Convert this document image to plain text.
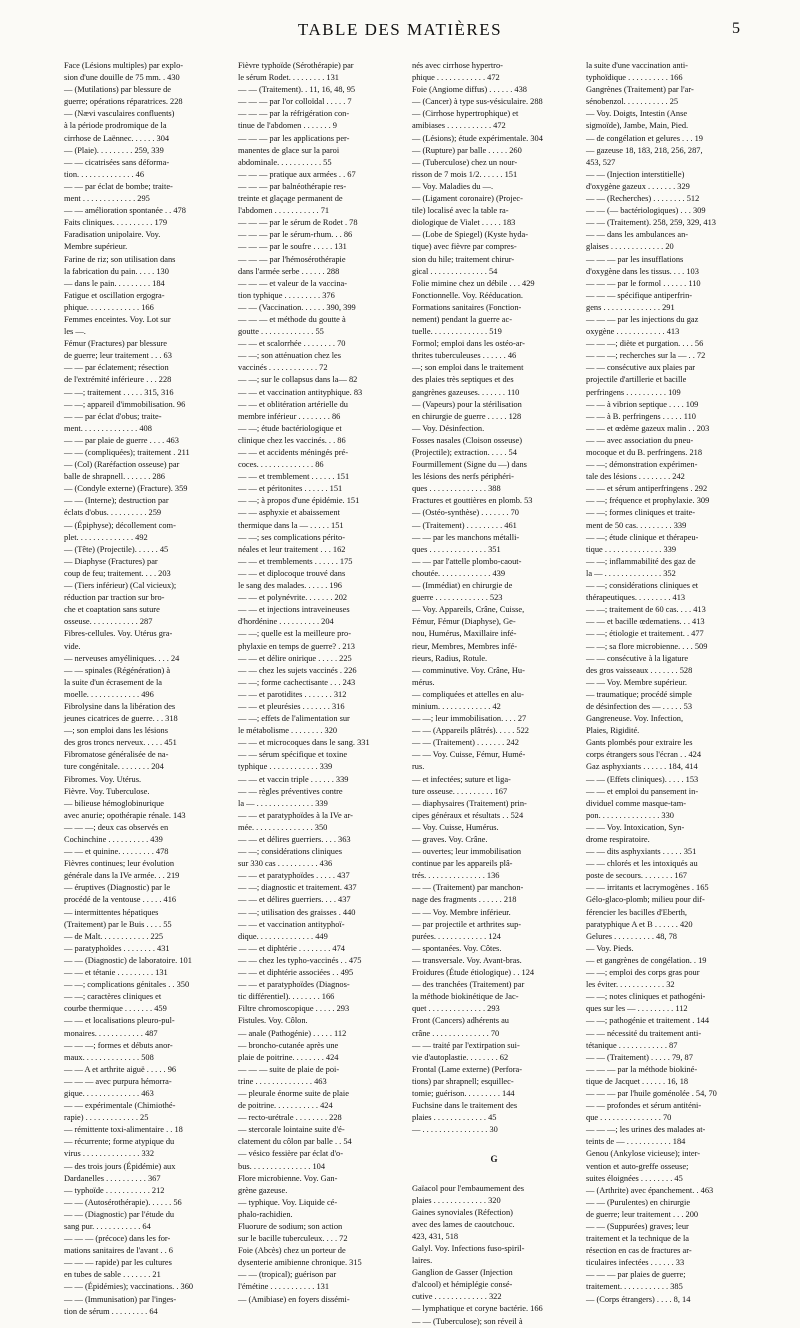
TABLE DES MATIÈRES	5
Face (Lésions multiples) par explo-
sion d'une douille de 75 mm. . 430
— (Mutilations) par blessure de
guerre; opérations réparatrices. 228
— (Nævi vasculaires confluents)
à la période prodromique de la
cirrhose de Laënnec. . . . . . 304
— (Plaie). . . . . . . . . 259, 339
— — cicatrisées sans déforma-
tion. . . . . . . . . . . . . . 46
— — par éclat de bombe; traite-
ment . . . . . . . . . . . . . 295
— — amélioration spontanée . . 478
Faits cliniques. . . . . . . . . . 179
Faradisation unipolaire. Voy.
Membre supérieur.
Farine de riz; son utilisation dans
la fabrication du pain. . . . . 130
— dans le pain. . . . . . . . . 184
Fatigue et oscillation ergogra-
phique. . . . . . . . . . . . . 166
Femmes enceintes. Voy. Lot sur
les —.
Fémur (Fractures) par blessure
de guerre; leur traitement . . . 63
— — par éclatement; résection
de l'extrémité inférieure . . . 228
— —; traitement . . . . . 315, 316
— —; appareil d'immobilisation. 96
— — par éclat d'obus; traite-
ment. . . . . . . . . . . . . . 408
— — par plaie de guerre . . . . 463
— — (compliquées); traitement . 211
— (Col) (Raréfaction osseuse) par
balle de shrapnell. . . . . . . 286
— (Condyle externe) (Fracture). 359
— — (Interne); destruction par
éclats d'obus. . . . . . . . . . 259
— (Épiphyse); décollement com-
plet. . . . . . . . . . . . . . 492
— (Tête) (Projectile). . . . . . 45
— Diaphyse (Fractures) par
coup de feu; traitement. . . . 203
— (Tiers inférieur) (Cal vicieux);
réduction par traction sur bro-
che et coaptation sans suture
osseuse. . . . . . . . . . . . 287
Fibres-cellules. Voy. Utérus gra-
vide.
— nerveuses amyéliniques. . . . 24
— — spinales (Régénération) à
la suite d'un écrasement de la
moelle. . . . . . . . . . . . . 496
Fibrolysine dans la libération des
jeunes cicatrices de guerre. . . 318
—; son emploi dans les lésions
des gros troncs nerveux. . . . . 451
Fibromatose généralisée de na-
ture congénitale. . . . . . . . 204
Fibromes. Voy. Utérus.
Fièvre. Voy. Tuberculose.
— bilieuse hémoglobinurique
avec anurie; opothérapie rénale. 143
— — —; deux cas observés en
Cochinchine . . . . . . . . . . 439
— — et quinine. . . . . . . . . 478
Fièvres continues; leur évolution
générale dans la IVe armée. . . 219
— éruptives (Diagnostic) par le
procédé de la ventouse . . . . . 416
— intermittentes hépatiques
(Traitement) par le Buis . . . . 55
— de Malt. . . . . . . . . . . . 225
— paratyphoïdes . . . . . . . . 431
— — (Diagnostic) de laboratoire. 101
— — et tétanie . . . . . . . . . 131
— —; complications génitales . . 350
— —; caractères cliniques et
courbe thermique . . . . . . . 459
— — et localisations pleuro-pul-
monaires. . . . . . . . . . . . 487
— — —; formes et débuts anor-
maux. . . . . . . . . . . . . . 508
— — A et arthrite aiguë . . . . . 96
— — — avec purpura hémorra-
gique. . . . . . . . . . . . . . 463
— — expérimentale (Chimiothé-
rapie) . . . . . . . . . . . . . 25
— rémittente toxi-alimentaire . . 18
— récurrente; forme atypique du
virus . . . . . . . . . . . . . . 332
— des trois jours (Épidémie) aux
Dardanelles . . . . . . . . . . 367
— typhoïde . . . . . . . . . . . 212
— — (Autosérothérapie). . . . . . 56
— — (Diagnostic) par l'étude du
sang pur. . . . . . . . . . . . 64
— — — (précoce) dans les for-
mations sanitaires de l'avant . . 6
— — — rapide) par les cultures
en tubes de sable . . . . . . . 21
— — (Épidémies); vaccinations. . 360
— — (Immunisation) par l'inges-
tion de sérum . . . . . . . . . 64
Fièvre typhoïde (Sérothérapie) par
le sérum Rodet. . . . . . . . . 131
— — (Traitement). . 11, 16, 48, 95
— — — par l'or colloïdal . . . . . 7
— — — par la réfrigération con-
tinue de l'abdomen . . . . . . . 9
— — — par les applications per-
manentes de glace sur la paroi
abdominale. . . . . . . . . . . 55
— — — pratique aux armées . . 67
— — — par balnéothérapie res-
treinte et glaçage permanent de
l'abdomen . . . . . . . . . . . 71
— — — par le sérum de Rodet . 78
— — — par le sérum-rhum. . . 86
— — — par le soufre . . . . . 131
— — — par l'hémosérothérapie
dans l'armée serbe . . . . . . 288
— — — et valeur de la vaccina-
tion typhique . . . . . . . . . 376
— — (Vaccination. . . . . . 390, 399
— — — et méthode du goutte à
goutte . . . . . . . . . . . . . 55
— — et scalorrhée . . . . . . . . 70
— —; son atténuation chez les
vaccinés . . . . . . . . . . . . 72
— —; sur le collapsus dans la— 82
— — et vaccination antityphique. 83
— — et oblitération artérielle du
membre inférieur . . . . . . . . 86
— —; étude bactériologique et
clinique chez les vaccinés. . . 86
— — et accidents méningés pré-
coces. . . . . . . . . . . . . . 86
— — et tremblement . . . . . . 151
— — et péritonites . . . . . . 151
— —; à propos d'une épidémie. 151
— — asphyxie et abaissement
thermique dans la — . . . . . 151
— —; ses complications périto-
néales et leur traitement . . . 162
— — et tremblements . . . . . . 175
— — et diplocoque trouvé dans
le sang des malades. . . . . . 196
— — et polynévrite. . . . . . . 202
— — et injections intraveineuses
d'hordénine . . . . . . . . . . 204
— —; quelle est la meilleure pro-
phylaxie en temps de guerre? . 213
— — et délire onirique . . . . . 225
— — chez les sujets vaccinés . 226
— —; forme cachectisante . . . 243
— — et parotidites . . . . . . . 312
— — et pleurésies . . . . . . . 316
— —; effets de l'alimentation sur
le métabolisme . . . . . . . . 320
— — et microcoques dans le sang. 331
— — sérum spécifique et toxine
typhique . . . . . . . . . . . . 339
— — et vaccin triple . . . . . . 339
— — règles préventives contre
la — . . . . . . . . . . . . . . 339
— — et paratyphoïdes à la IVe ar-
mée. . . . . . . . . . . . . . . 350
— — et délires guerriers. . . . 363
— —; considérations cliniques
sur 330 cas . . . . . . . . . . 436
— — et paratyphoïdes . . . . . 437
— —; diagnostic et traitement. 437
— — et délires guerriers. . . . 437
— —; utilisation des graisses . 440
— — et vaccination antityphoï-
dique. . . . . . . . . . . . . . 449
— — et diphtérie . . . . . . . . 474
— — chez les typho-vaccinés . . 475
— — et diphtérie associées . . 495
— — et paratyphoïdes (Diagnos-
tic différentiel). . . . . . . . 166
Filtre chromoscopique . . . . . 293
Fistules. Voy. Côlon.
— anale (Pathogénie) . . . . . 112
— broncho-cutanée après une
plaie de poitrine. . . . . . . . 424
— — — suite de plaie de poi-
trine . . . . . . . . . . . . . . 463
— pleurale énorme suite de plaie
de poitrine. . . . . . . . . . . 424
— recto-urétrale . . . . . . . . 228
— stercorale lointaine suite d'é-
clatement du côlon par balle . . 54
— vésico fessière par éclat d'o-
bus. . . . . . . . . . . . . . . 104
Flore microbienne. Voy. Gan-
grène gazeuse.
— typhique. Voy. Liquide cé-
phalo-rachidien.
Fluorure de sodium; son action
sur le bacille tuberculeux. . . . 72
Foie (Abcès) chez un porteur de
dysenterie amibienne chronique. 315
— — (tropical); guérison par
l'émétine . . . . . . . . . . . 131
— (Amibiase) en foyers dissémi-
nés avec cirrhose hypertro-
phique . . . . . . . . . . . . 472
Foie (Angiome diffus) . . . . . . 438
— (Cancer) à type sus-vésiculaire. 288
— (Cirrhose hypertrophique) et
amibiases . . . . . . . . . . . 472
— (Lésions); étude expérimentale. 304
— (Rupture) par balle . . . . . 260
— (Tuberculose) chez un nour-
risson de 7 mois 1/2. . . . . . 151
— Voy. Maladies du —.
— (Ligament coronaire) (Projec-
tile) localisé avec la table ra-
diologique de Vialet . . . . . 183
— (Lobe de Spiegel) (Kyste hyda-
tique) avec fièvre par compres-
sion du hile; traitement chirur-
gical . . . . . . . . . . . . . . 54
Folie mimine chez un débile . . . 429
Fonctionnelle. Voy. Rééducation.
Formations sanitaires (Fonction-
nement) pendant la guerre ac-
tuelle. . . . . . . . . . . . . . 519
Formol; emploi dans les ostéo-ar-
thrites tuberculeuses . . . . . . 46
—; son emploi dans le traitement
des plaies très septiques et des
gangrènes gazeuses. . . . . . . 110
— (Vapeurs) pour la stérilisation
en chirurgie de guerre . . . . . 128
— Voy. Désinfection.
Fosses nasales (Cloison osseuse)
(Projectile); extraction. . . . . 54
Fourmillement (Signe du —) dans
les lésions des nerfs périphéri-
ques . . . . . . . . . . . . . . 388
Fractures et gouttières en plomb. 53
— (Ostéo-synthèse) . . . . . . . 70
— (Traitement) . . . . . . . . . 461
— — par les manchons métalli-
ques . . . . . . . . . . . . . . 351
— — par l'attelle plombo-caout-
choutée. . . . . . . . . . . . . 439
— (Immédiat) en chirurgie de
guerre . . . . . . . . . . . . . 523
— Voy. Appareils, Crâne, Cuisse,
Fémur, Fémur (Diaphyse), Ge-
nou, Humérus, Maxillaire infé-
rieur, Membres, Membres infé-
rieurs, Radius, Rotule.
— comminutive. Voy. Crâne, Hu-
mérus.
— compliquées et attelles en alu-
minium. . . . . . . . . . . . . 42
— —; leur immobilisation. . . . 27
— — (Appareils plâtrés). . . . . 522
— — (Traitement) . . . . . . . 242
— — Voy. Cuisse, Fémur, Humé-
rus.
— et infectées; suture et liga-
ture osseuse. . . . . . . . . . 167
— diaphysaires (Traitement) prin-
cipes généraux et résultats . . 524
— Voy. Cuisse, Humérus.
— graves. Voy. Crâne.
— ouvertes; leur immobilisation
continue par les appareils plâ-
trés. . . . . . . . . . . . . . . 136
— — (Traitement) par manchon-
nage des fragments . . . . . . 218
— — Voy. Membre inférieur.
— par projectile et arthrites sup-
purées. . . . . . . . . . . . . 124
— spontanées. Voy. Côtes.
— transversale. Voy. Avant-bras.
Froidures (Étude étiologique) . . 124
— des tranchées (Traitement) par
la méthode biokinétique de Jac-
quet . . . . . . . . . . . . . . 293
Front (Cancers) adhérents au
crâne . . . . . . . . . . . . . . 70
— — traité par l'extirpation sui-
vie d'autoplastie. . . . . . . . 62
Frontal (Lame externe) (Perfora-
tions) par shrapnell; esquillec-
tomie; guérison. . . . . . . . . 144
Fuchsine dans le traitement des
plaies . . . . . . . . . . . . . 45
— . . . . . . . . . . . . . . . . 30
G
Gaïacol pour l'embaumement des
plaies . . . . . . . . . . . . . 320
Gaines synoviales (Réfection)
avec des lames de caoutchouc.
423, 431, 518
Galyl. Voy. Infections fuso-spiril-
laires.
Ganglion de Gasser (Injection
d'alcool) et hémiplégie consé-
cutive . . . . . . . . . . . . . 322
— lymphatique et coryne bactérie. 166
— — (Tuberculose); son réveil à
la suite d'une vaccination anti-
typhoïdique . . . . . . . . . . 166
Gangrènes (Traitement) par l'ar-
sénobenzol. . . . . . . . . . . 25
— Voy. Doigts, Intestin (Anse
sigmoïde), Jambe, Main, Pied.
— de congélation et gelures . . . 19
— gazeuse 18, 183, 218, 256, 287,
453, 527
— — (Injection interstitielle)
d'oxygène gazeux . . . . . . . 329
— — (Recherches) . . . . . . . . 512
— — (— bactériologiques) . . . 309
— — (Traitement). 258, 259, 329, 413
— — dans les ambulances an-
glaises . . . . . . . . . . . . . 20
— — — par les insufflations
d'oxygène dans les tissus. . . . 103
— — — par le formol . . . . . . 110
— — — spécifique antiperfrin-
gens . . . . . . . . . . . . . . 291
— — — par les injections du gaz
oxygène . . . . . . . . . . . . 413
— — —; diète et purgation. . . . 56
— — —; recherches sur la — . . 72
— — consécutive aux plaies par
projectile d'artillerie et bacille
perfringens . . . . . . . . . . 109
— — à vibrion septique . . . . 109
— — à B. perfringens . . . . . 110
— — et œdème gazeux malin . . 203
— — avec association du pneu-
mocoque et du B. perfringens. 218
— —; démonstration expérimen-
tale des lésions . . . . . . . . 242
— — et sérum antiperfringens . 292
— —; fréquence et prophylaxie. 309
— —; formes cliniques et traite-
ment de 50 cas. . . . . . . . . 339
— —; étude clinique et thérapeu-
tique . . . . . . . . . . . . . . 339
— —; inflammabilité des gaz de
la — . . . . . . . . . . . . . . 352
— —; considérations cliniques et
thérapeutiques. . . . . . . . . 413
— —; traitement de 60 cas. . . . 413
— — et bacille œdematiens. . . 413
— —; étiologie et traitement. . 477
— —; sa flore microbienne. . . . 509
— — consécutive à la ligature
des gros vaisseaux . . . . . . . 528
— — Voy. Membre supérieur.
— traumatique; procédé simple
de désinfection des — . . . . . 53
Gangreneuse. Voy. Infection,
Plaies, Rigidité.
Gants plombés pour extraire les
corps étrangers sous l'écran . . 424
Gaz asphyxiants . . . . . . 184, 414
— — (Effets cliniques). . . . . 153
— — et emploi du pansement in-
dividuel comme masque-tam-
pon. . . . . . . . . . . . . . . 330
— — Voy. Intoxication, Syn-
drome respiratoire.
— — dits asphyxiants . . . . . 351
— — chlorés et les intoxiqués au
poste de secours. . . . . . . . 167
— — irritants et lacrymogènes . 165
Gélo-glaco-plomb; milieu pour dif-
férencier les bacilles d'Eberth,
paratyphique A et B . . . . . . 420
Gelures . . . . . . . . . . 48, 78
— Voy. Pieds.
— et gangrènes de congélation. . 19
— —; emploi des corps gras pour
les éviter. . . . . . . . . . . . 32
— —; notes cliniques et pathogéni-
ques sur les — . . . . . . . . . 112
— —; pathogénie et traitement . 144
— — nécessité du traitement anti-
tétanique . . . . . . . . . . . . 87
— — (Traitement) . . . . . 79, 87
— — — par la méthode biokiné-
tique de Jacquet . . . . . . 16, 18
— — — par l'huile goménolée . 54, 70
— — profondes et sérum antiténi-
que . . . . . . . . . . . . . . . 70
— — —; les urines des malades at-
teints de — . . . . . . . . . . . 184
Genou (Ankylose vicieuse); inter-
vention et auto-greffe osseuse;
suites éloignées . . . . . . . . 45
— (Arthrite) avec épanchement. . 463
— — (Purulentes) en chirurgie
de guerre; leur traitement . . . 200
— — (Suppurées) graves; leur
traitement et la technique de la
résection en cas de fractures ar-
ticulaires infectées . . . . . . 33
— — — par plaies de guerre;
traitement. . . . . . . . . . . . 385
— (Corps étrangers) . . . . 8, 14
